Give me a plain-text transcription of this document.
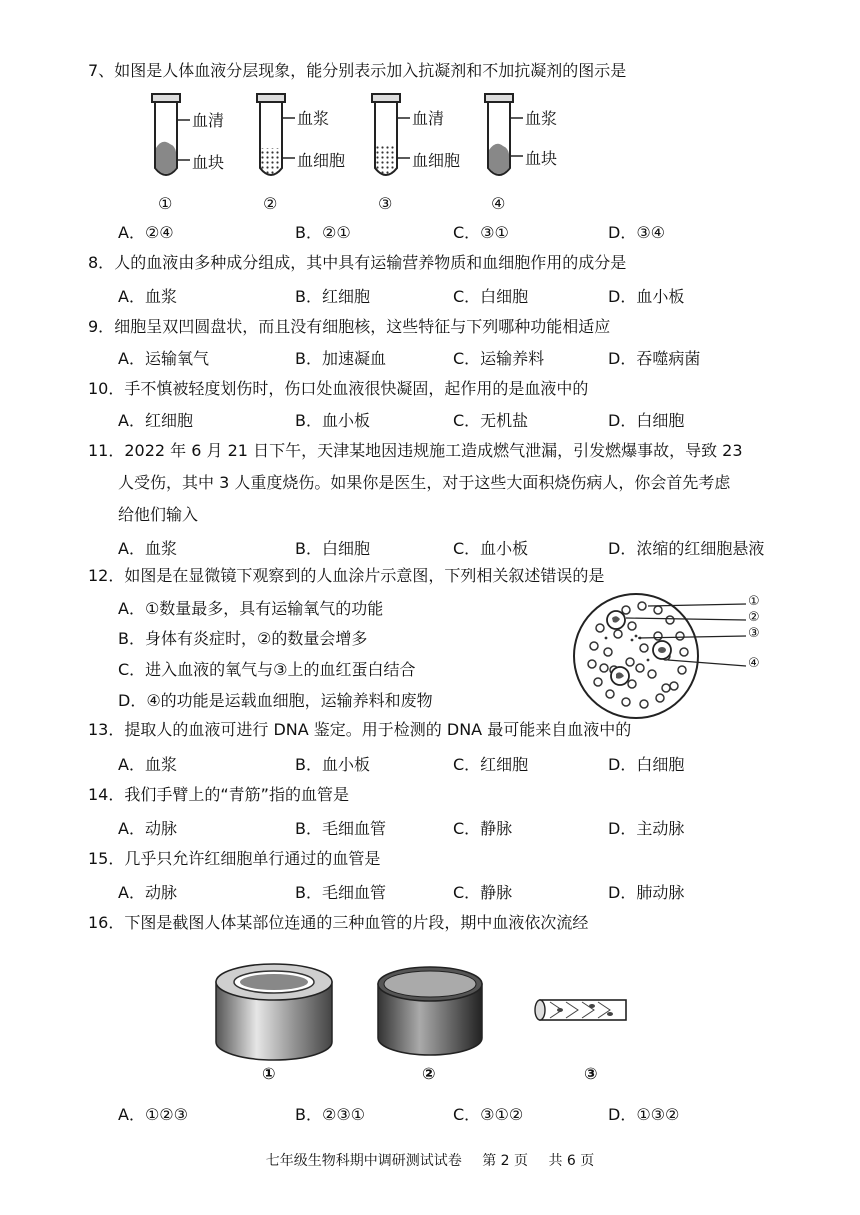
7、如图是人体血液分层现象，能分别表示加入抗凝剂和不加抗凝剂的图示是
血清
血块
血浆
血细胞
血清
血细胞
血浆
血块
①	②	③	④
A．②④	B．②①	C．③①	D．③④
8．人的血液由多种成分组成，其中具有运输营养物质和血细胞作用的成分是
A．血浆	B．红细胞	C．白细胞	D．血小板
9．细胞呈双凹圆盘状，而且没有细胞核，这些特征与下列哪种功能相适应
A．运输氧气	B．加速凝血	C．运输养料	D．吞噬病菌
10．手不慎被轻度划伤时，伤口处血液很快凝固，起作用的是血液中的
A．红细胞	B．血小板	C．无机盐	D．白细胞
11．2022 年 6 月 21 日下午，天津某地因违规施工造成燃气泄漏，引发燃爆事故，导致 23
人受伤，其中 3 人重度烧伤。如果你是医生，对于这些大面积烧伤病人，你会首先考虑
给他们输入
A．血浆	B．白细胞	C．血小板	D．浓缩的红细胞悬液
12．如图是在显微镜下观察到的人血涂片示意图，下列相关叙述错误的是
A．①数量最多，具有运输氧气的功能
B．身体有炎症时，②的数量会增多
C．进入血液的氧气与③上的血红蛋白结合
D．④的功能是运载血细胞，运输养料和废物
①
②
③
④
13．提取人的血液可进行 DNA 鉴定。用于检测的 DNA 最可能来自血液中的
A．血浆	B．血小板	C．红细胞	D．白细胞
14．我们手臂上的“青筋”指的血管是
A．动脉	B．毛细血管	C．静脉	D．主动脉
15．几乎只允许红细胞单行通过的血管是
A．动脉	B．毛细血管	C．静脉	D．肺动脉
16．下图是截图人体某部位连通的三种血管的片段，期中血液依次流经
①	②	③
A．①②③	B．②③①	C．③①②	D．①③②
七年级生物科期中调研测试试卷 第 2 页 共 6 页
